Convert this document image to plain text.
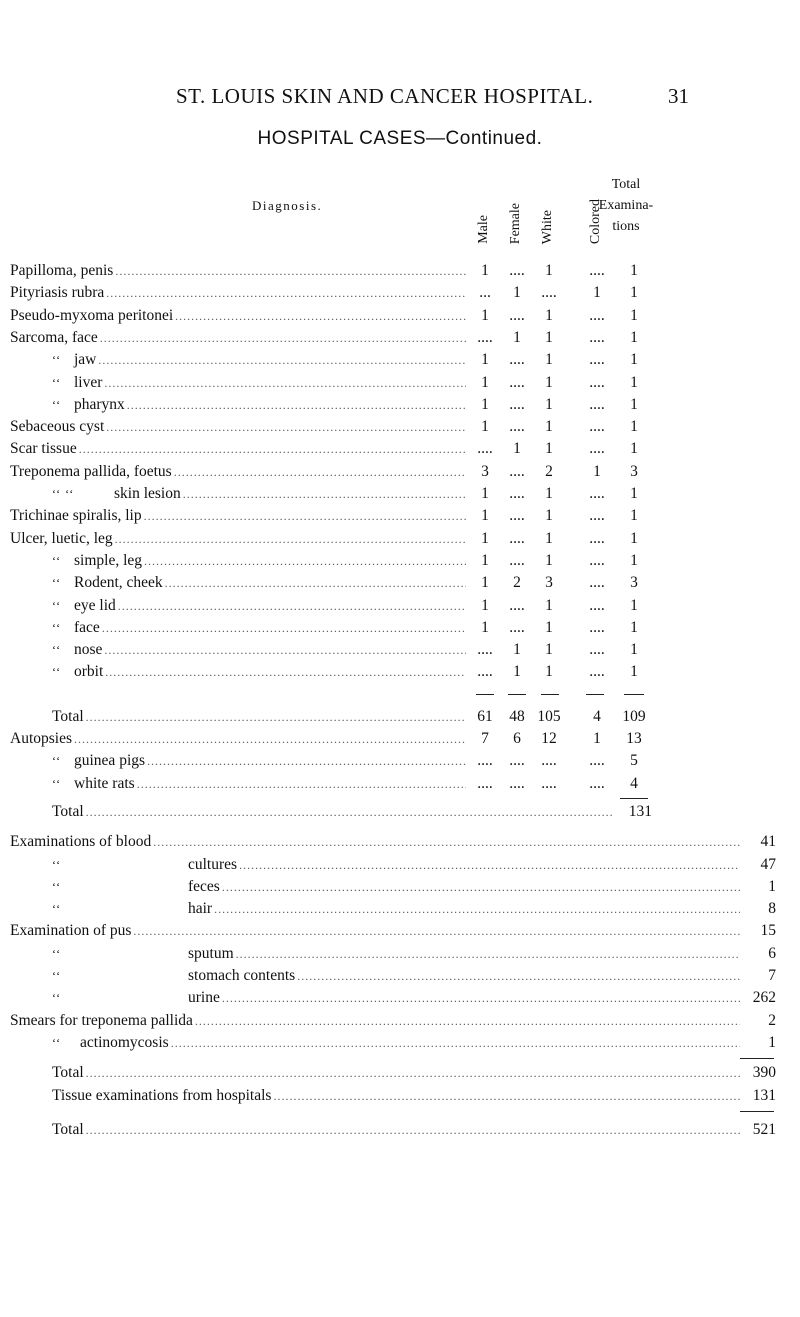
ST. LOUIS SKIN AND CANCER HOSPITAL.	31
HOSPITAL CASES—Continued.
Diagnosis.
Male Female White Colored
Total
Examina-
tions
Papilloma, penis .....	1	....	1	....	1
Pityriasis rubra .....	...	1	....	1	1
Pseudo-myxoma peritonei .....	1	....	1	....	1
Sarcoma, face .....	....	1	1	....	1
‘‘ jaw .....	1	....	1	....	1
‘‘ liver .....	1	....	1	....	1
‘‘ pharynx .....	1	....	1	....	1
Sebaceous cyst .....	1	....	1	....	1
Scar tissue .....	....	1	1	....	1
Treponema pallida, foetus .....	3	....	2	1	3
‘‘ ‘‘	skin lesion .....	1	....	1	....	1
Trichinae spiralis, lip .....	1	....	1	....	1
Ulcer, luetic, leg .....	1	....	1	....	1
‘‘ simple, leg .....	1	....	1	....	1
‘‘ Rodent, cheek .....	1	2	3	....	3
‘‘ eye lid .....	1	....	1	....	1
‘‘ face .....	1	....	1	....	1
‘‘ nose .....	....	1	1	....	1
‘‘ orbit .....	....	1	1	....	1
Total .....	61	48 105	4	109
Autopsies .....	7	6	12	1	13
‘‘ guinea pigs .....	....	....	....	....	5
‘‘ white rats .....	....	....	....	....	4
Total .....	131
Examinations of blood .....	41
‘‘	cultures .....	47
‘‘	feces .....	1
‘‘	hair .....	8
Examination of pus .....	15
‘‘	sputum .....	6
‘‘	stomach contents .....	7
‘‘	urine .....	262
Smears for treponema pallida .....	2
‘‘ actinomycosis .....	1
Total .....	390
Tissue examinations from hospitals .....	131
Total .....	521
